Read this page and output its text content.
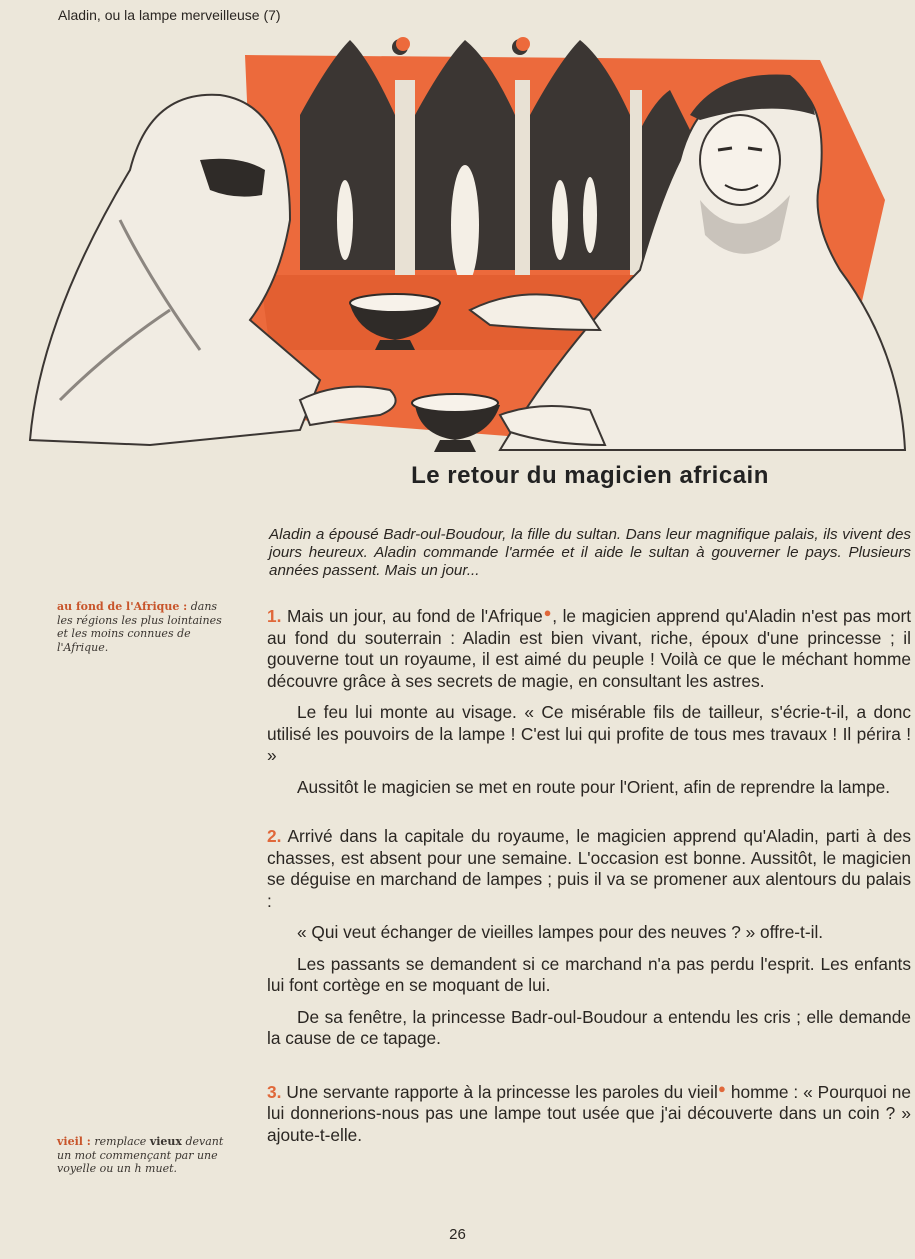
Aladin, ou la lampe merveilleuse (7)
Le retour du magicien africain
Aladin a épousé Badr-oul-Boudour, la fille du sultan. Dans leur magnifique palais, ils vivent des jours heureux. Aladin commande l'armée et il aide le sultan à gouverner le pays. Plusieurs années passent. Mais un jour...
au fond de l'Afrique : dans les régions les plus lointaines et les moins connues de l'Afrique.
vieil : remplace vieux devant un mot commençant par une voyelle ou un h muet.

1. Mais un jour, au fond de l'Afrique●, le magicien apprend qu'Aladin n'est pas mort au fond du souterrain : Aladin est bien vivant, riche, époux d'une princesse ; il gouverne tout un royaume, il est aimé du peuple ! Voilà ce que le méchant homme découvre grâce à ses secrets de magie, en consultant les astres.

Le feu lui monte au visage. « Ce misérable fils de tailleur, s'écrie-t-il, a donc utilisé les pouvoirs de la lampe ! C'est lui qui profite de tous mes travaux ! Il périra ! »

Aussitôt le magicien se met en route pour l'Orient, afin de reprendre la lampe.

2. Arrivé dans la capitale du royaume, le magicien apprend qu'Aladin, parti à des chasses, est absent pour une semaine. L'occasion est bonne. Aussitôt, le magicien se déguise en marchand de lampes ; puis il va se promener aux alentours du palais :

« Qui veut échanger de vieilles lampes pour des neuves ? » offre-t-il.

Les passants se demandent si ce marchand n'a pas perdu l'esprit. Les enfants lui font cortège en se moquant de lui.

De sa fenêtre, la princesse Badr-oul-Boudour a entendu les cris ; elle demande la cause de ce tapage.

3. Une servante rapporte à la princesse les paroles du vieil● homme : « Pourquoi ne lui donnerions-nous pas une lampe tout usée que j'ai découverte dans un coin ? » ajoute-t-elle.

26
